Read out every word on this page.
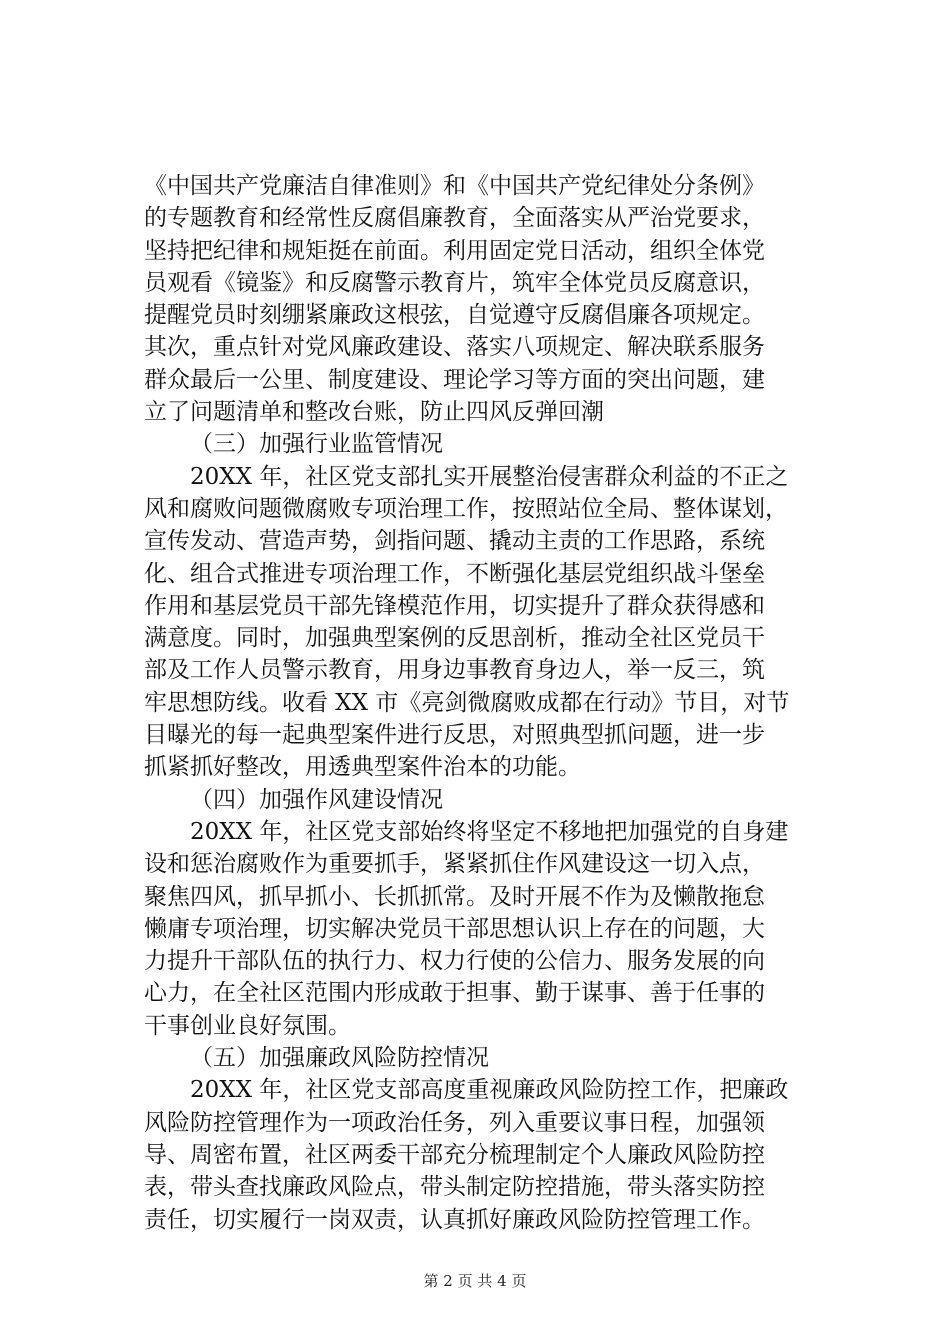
《中国共产党廉洁自律准则》和《中国共产党纪律处分条例》
的专题教育和经常性反腐倡廉教育，全面落实从严治党要求，
坚持把纪律和规矩挺在前面。利用固定党日活动，组织全体党
员观看《镜鉴》和反腐警示教育片，筑牢全体党员反腐意识，
提醒党员时刻绷紧廉政这根弦，自觉遵守反腐倡廉各项规定。
其次，重点针对党风廉政建设、落实八项规定、解决联系服务
群众最后一公里、制度建设、理论学习等方面的突出问题，建
立了问题清单和整改台账，防止四风反弹回潮
（三）加强行业监管情况
20XX 年，社区党支部扎实开展整治侵害群众利益的不正之
风和腐败问题微腐败专项治理工作，按照站位全局、整体谋划，
宣传发动、营造声势，剑指问题、撬动主责的工作思路，系统
化、组合式推进专项治理工作，不断强化基层党组织战斗堡垒
作用和基层党员干部先锋模范作用，切实提升了群众获得感和
满意度。同时，加强典型案例的反思剖析，推动全社区党员干
部及工作人员警示教育，用身边事教育身边人，举一反三，筑
牢思想防线。收看 XX 市《亮剑微腐败成都在行动》节目，对节
目曝光的每一起典型案件进行反思，对照典型抓问题，进一步
抓紧抓好整改，用透典型案件治本的功能。
（四）加强作风建设情况
20XX 年，社区党支部始终将坚定不移地把加强党的自身建
设和惩治腐败作为重要抓手，紧紧抓住作风建设这一切入点，
聚焦四风，抓早抓小、长抓抓常。及时开展不作为及懒散拖怠
懒庸专项治理，切实解决党员干部思想认识上存在的问题，大
力提升干部队伍的执行力、权力行使的公信力、服务发展的向
心力，在全社区范围内形成敢于担事、勤于谋事、善于任事的
干事创业良好氛围。
（五）加强廉政风险防控情况
20XX 年，社区党支部高度重视廉政风险防控工作，把廉政
风险防控管理作为一项政治任务，列入重要议事日程，加强领
导、周密布置，社区两委干部充分梳理制定个人廉政风险防控
表，带头查找廉政风险点，带头制定防控措施，带头落实防控
责任，切实履行一岗双责，认真抓好廉政风险防控管理工作。
第 2 页 共 4 页
